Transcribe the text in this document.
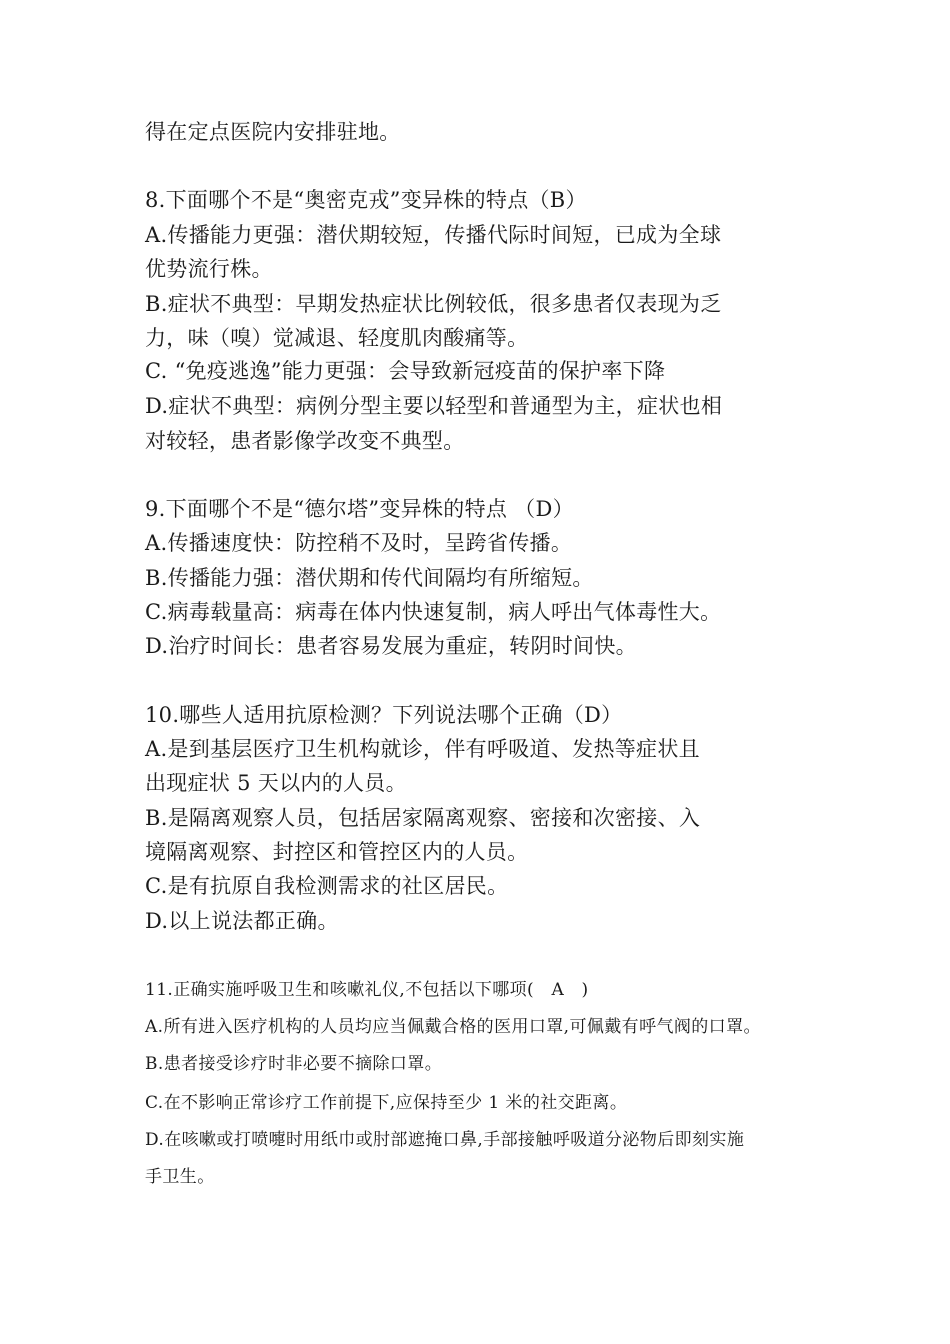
得在定点医院内安排驻地。
8.下面哪个不是“奥密克戎”变异株的特点（B）
A.传播能力更强：潜伏期较短，传播代际时间短，已成为全球
优势流行株。
B.症状不典型：早期发热症状比例较低，很多患者仅表现为乏
力，味（嗅）觉减退、轻度肌肉酸痛等。
C. “免疫逃逸”能力更强：会导致新冠疫苗的保护率下降
D.症状不典型：病例分型主要以轻型和普通型为主，症状也相
对较轻，患者影像学改变不典型。
9.下面哪个不是“德尔塔”变异株的特点 （D）
A.传播速度快：防控稍不及时，呈跨省传播。
B.传播能力强：潜伏期和传代间隔均有所缩短。
C.病毒载量高：病毒在体内快速复制，病人呼出气体毒性大。
D.治疗时间长：患者容易发展为重症，转阴时间快。
10.哪些人适用抗原检测？下列说法哪个正确（D）
A.是到基层医疗卫生机构就诊，伴有呼吸道、发热等症状且
出现症状 5 天以内的人员。
B.是隔离观察人员，包括居家隔离观察、密接和次密接、入
境隔离观察、封控区和管控区内的人员。
C.是有抗原自我检测需求的社区居民。
D.以上说法都正确。
11.正确实施呼吸卫生和咳嗽礼仪,不包括以下哪项(　A　)
A.所有进入医疗机构的人员均应当佩戴合格的医用口罩,可佩戴有呼气阀的口罩。
B.患者接受诊疗时非必要不摘除口罩。
C.在不影响正常诊疗工作前提下,应保持至少 1 米的社交距离。
D.在咳嗽或打喷嚏时用纸巾或肘部遮掩口鼻,手部接触呼吸道分泌物后即刻实施
手卫生。
